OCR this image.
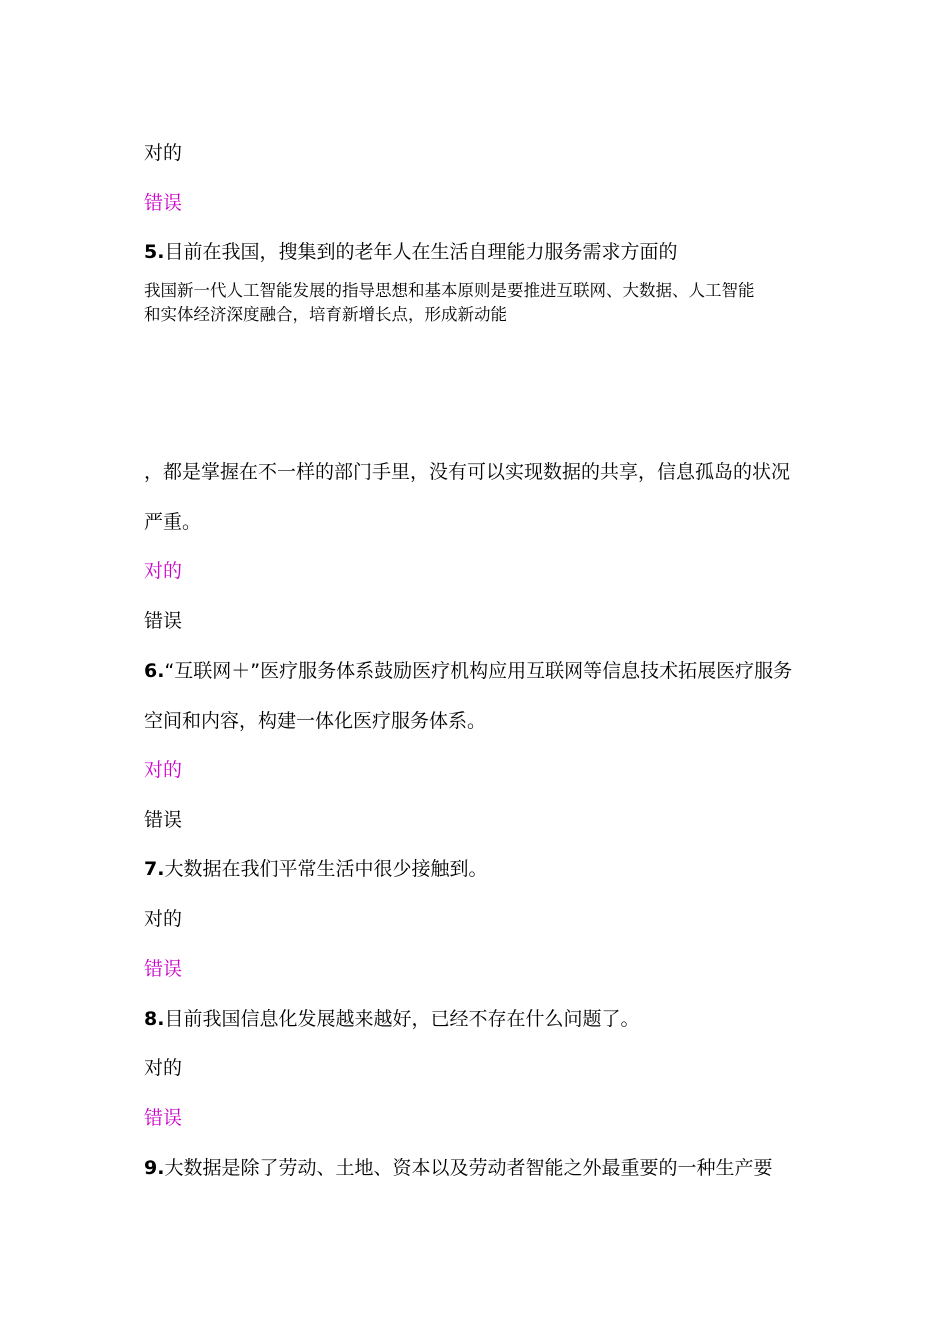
对的
错误
5.目前在我国，搜集到的老年人在生活自理能力服务需求方面的
我国新一代人工智能发展的指导思想和基本原则是要推进互联网、大数据、人工智能
和实体经济深度融合，培育新增长点，形成新动能
，都是掌握在不一样的部门手里，没有可以实现数据的共享，信息孤岛的状况
严重。
对的
错误
6.“互联网＋”医疗服务体系鼓励医疗机构应用互联网等信息技术拓展医疗服务
空间和内容，构建一体化医疗服务体系。
对的
错误
7.大数据在我们平常生活中很少接触到。
对的
错误
8.目前我国信息化发展越来越好，已经不存在什么问题了。
对的
错误
9.大数据是除了劳动、土地、资本以及劳动者智能之外最重要的一种生产要
